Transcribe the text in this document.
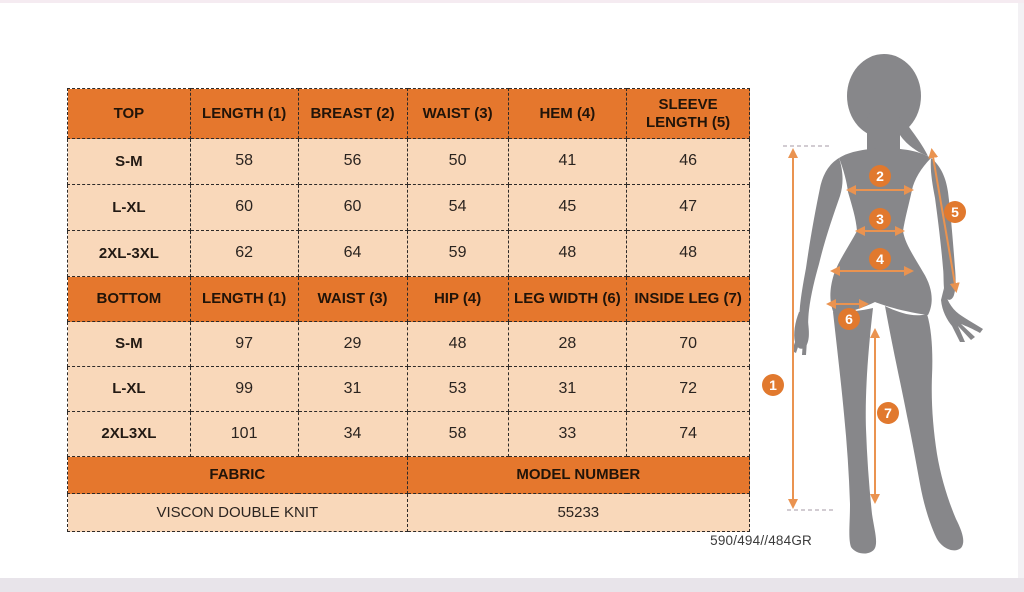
TOP	LENGTH (1)	BREAST (2)	WAIST (3)	HEM (4)	SLEEVE LENGTH (5)
S-M	58	56	50	41	46
L-XL	60	60	54	45	47
2XL-3XL	62	64	59	48	48
BOTTOM	LENGTH (1)	WAIST (3)	HIP (4)	LEG WIDTH (6)	INSIDE LEG (7)
S-M	97	29	48	28	70
L-XL	99	31	53	31	72
2XL3XL	101	34	58	33	74
FABRIC			MODEL NUMBER		
VISCON DOUBLE KNIT			55233		
590/494//484GR
1
2
3
4
5
6
7
